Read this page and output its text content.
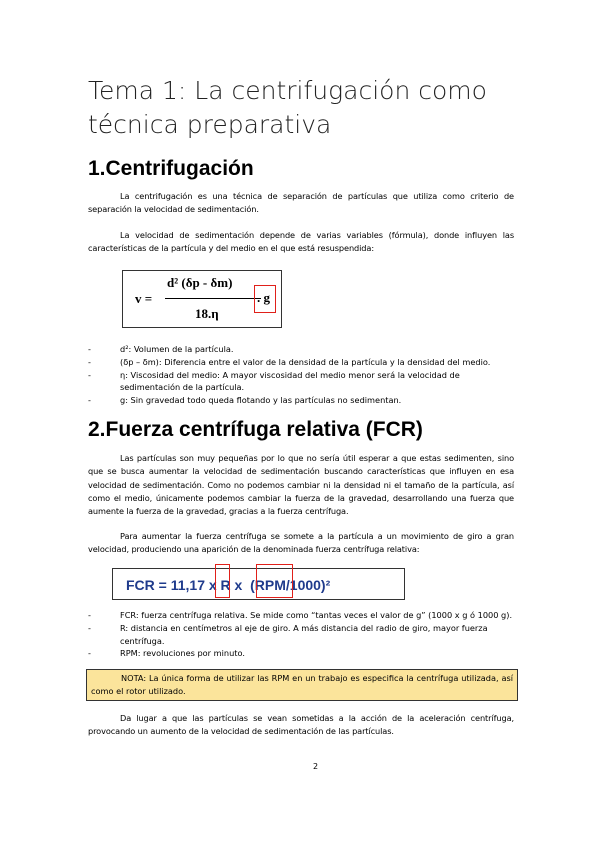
Tema 1: La centrifugación como técnica preparativa
1.Centrifugación

La centrifugación es una técnica de separación de partículas que utiliza como criterio de separación la velocidad de sedimentación.

La velocidad de sedimentación depende de varias variables (fórmula), donde influyen las características de la partícula y del medio en el que está resuspendida:

v =
d² (δp - δm)
18.η
. g
-	d²: Volumen de la partícula.
-	(δp – δm): Diferencia entre el valor de la densidad de la partícula y la densidad del medio.
-	η: Viscosidad del medio: A mayor viscosidad del medio menor será la velocidad de sedimentación de la partícula.
-	g: Sin gravedad todo queda flotando y las partículas no sedimentan.
2.Fuerza centrífuga relativa (FCR)

Las partículas son muy pequeñas por lo que no sería útil esperar a que estas sedimenten, sino que se busca aumentar la velocidad de sedimentación buscando características que influyen en esa velocidad de sedimentación. Como no podemos cambiar ni la densidad ni el tamaño de la partícula, así como el medio, únicamente podemos cambiar la fuerza de la gravedad, desarrollando una fuerza que aumente la fuerza de la gravedad, gracias a la fuerza centrífuga.

Para aumentar la fuerza centrífuga se somete a la partícula a un movimiento de giro a gran velocidad, produciendo una aparición de la denominada fuerza centrífuga relativa:

FCR = 11,17 x R x  (RPM/1000)²
-	FCR: fuerza centrífuga relativa. Se mide como “tantas veces el valor de g” (1000 x g ó 1000 g).
-	R: distancia en centímetros al eje de giro. A más distancia del radio de giro, mayor fuerza centrífuga.
-	RPM: revoluciones por minuto.
NOTA: La única forma de utilizar las RPM en un trabajo es especifica la centrífuga utilizada, así como el rotor utilizado.

Da lugar a que las partículas se vean sometidas a la acción de la aceleración centrífuga, provocando un aumento de la velocidad de sedimentación de las partículas.

2
